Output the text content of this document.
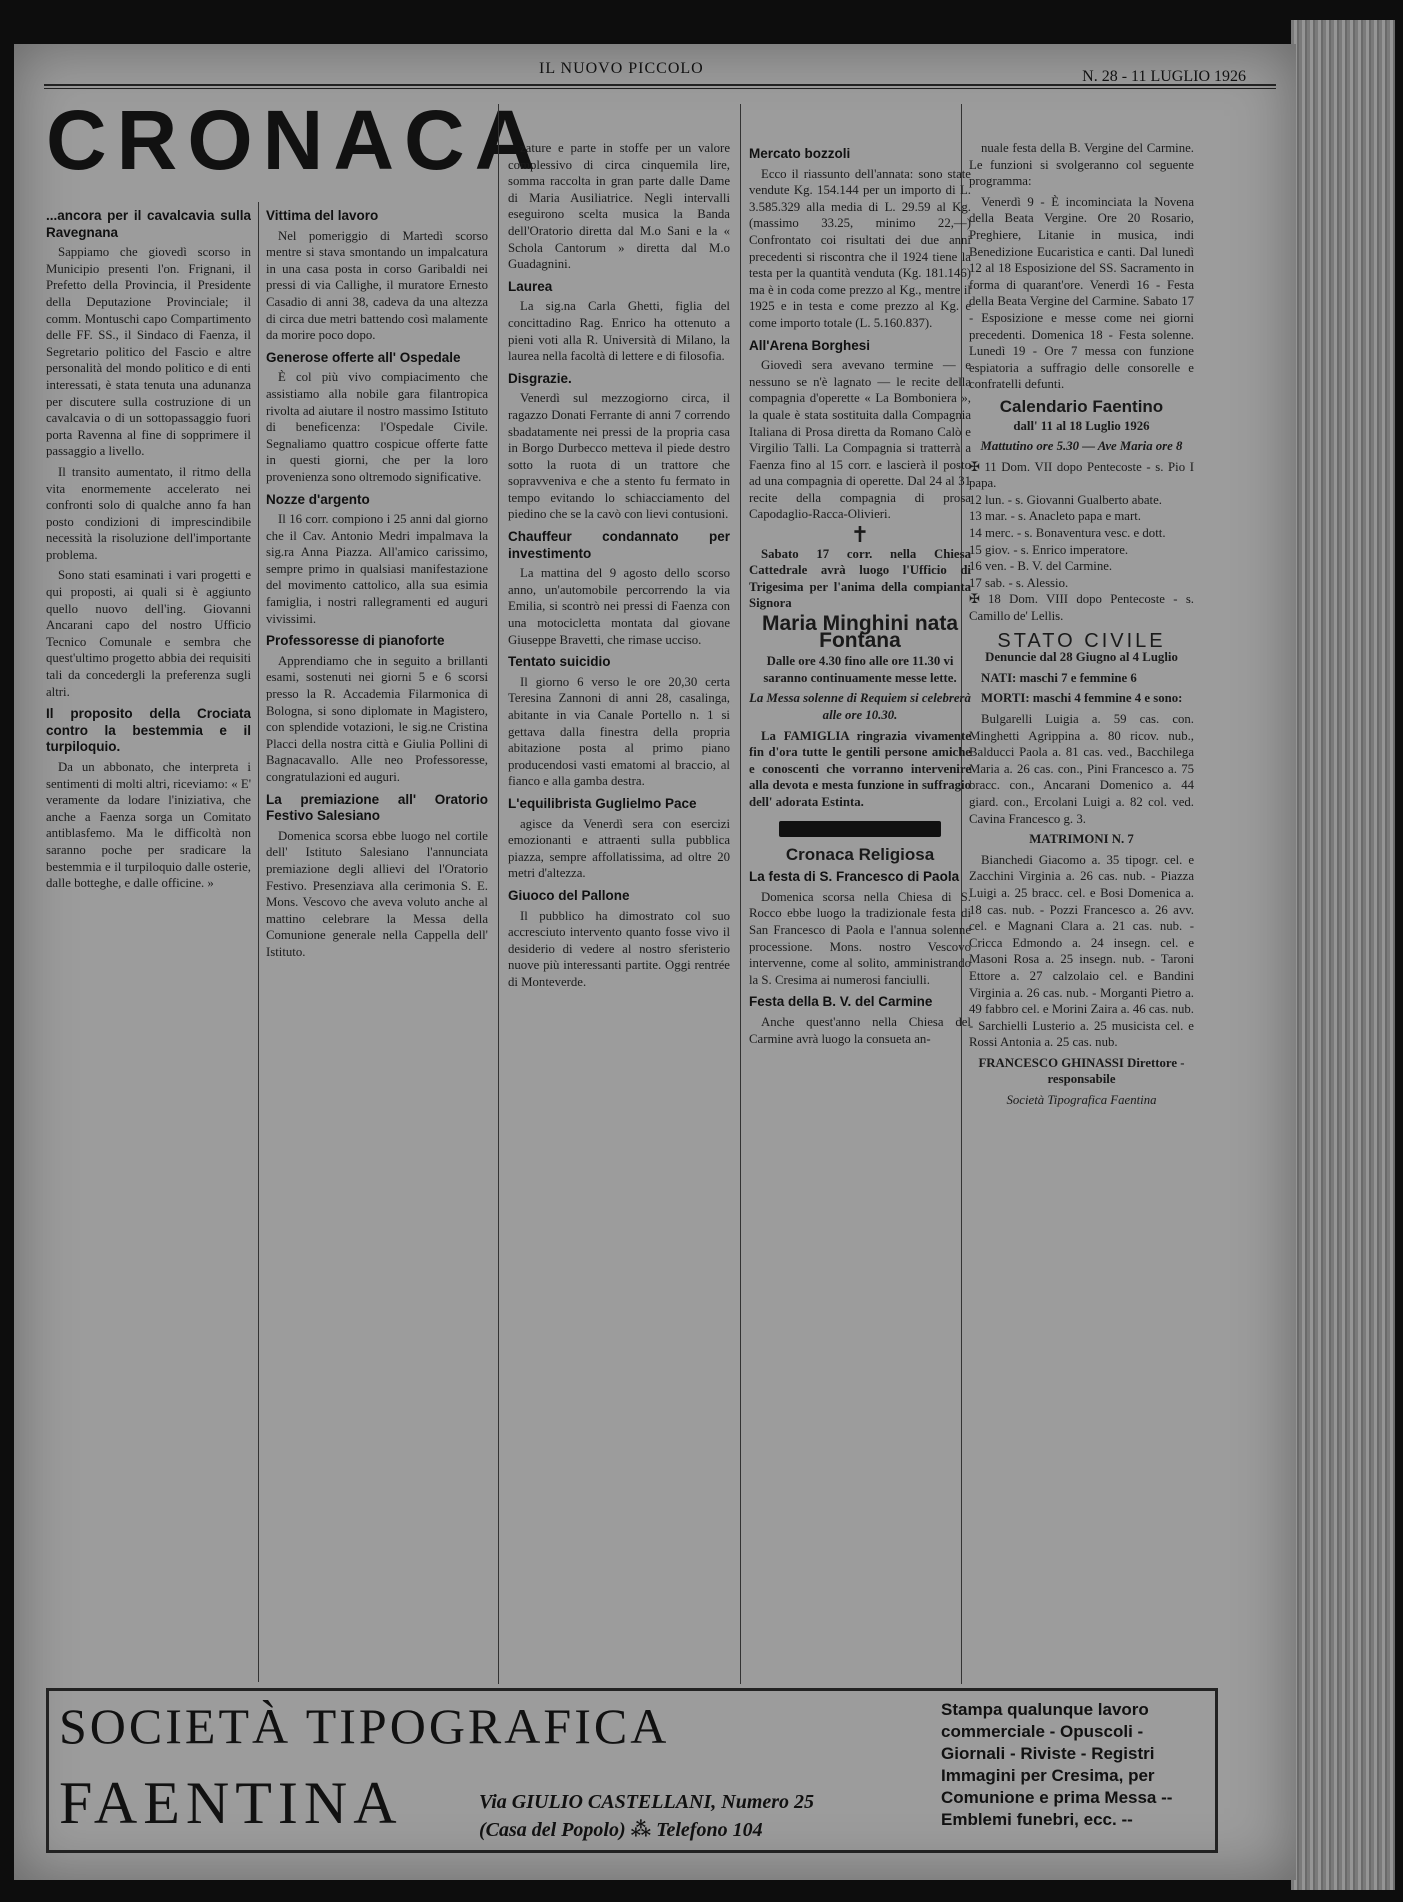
IL NUOVO PICCOLO	N. 28 - 11 LUGLIO 1926
CRONACA
...ancora per il cavalcavia sulla Ravegnana

Sappiamo che giovedì scorso in Municipio presenti l'on. Frignani, il Prefetto della Provincia, il Presidente della Deputazione Provinciale; il comm. Montuschi capo Compartimento delle FF. SS., il Sindaco di Faenza, il Segretario politico del Fascio e altre personalità del mondo politico e di enti interessati, è stata tenuta una adunanza per discutere sulla costruzione di un cavalcavia o di un sottopassaggio fuori porta Ravenna al fine di sopprimere il passaggio a livello.

Il transito aumentato, il ritmo della vita enormemente accelerato nei confronti solo di qualche anno fa han posto condizioni di imprescindibile necessità la risoluzione dell'importante problema.

Sono stati esaminati i vari progetti e qui proposti, ai quali si è aggiunto quello nuovo dell'ing. Giovanni Ancarani capo del nostro Ufficio Tecnico Comunale e sembra che quest'ultimo progetto abbia dei requisiti tali da concedergli la preferenza sugli altri.

Il proposito della Crociata contro la bestemmia e il turpiloquio.

Da un abbonato, che interpreta i sentimenti di molti altri, riceviamo: « E' veramente da lodare l'iniziativa, che anche a Faenza sorga un Comitato antiblasfemo. Ma le difficoltà non saranno poche per sradicare la bestemmia e il turpiloquio dalle osterie, dalle botteghe, e dalle officine. »

Vittima del lavoro

Nel pomeriggio di Martedì scorso mentre si stava smontando un impalcatura in una casa posta in corso Garibaldi nei pressi di via Callighe, il muratore Ernesto Casadio di anni 38, cadeva da una altezza di circa due metri battendo così malamente da morire poco dopo.

Generose offerte all' Ospedale

È col più vivo compiacimento che assistiamo alla nobile gara filantropica rivolta ad aiutare il nostro massimo Istituto di beneficenza: l'Ospedale Civile. Segnaliamo quattro cospicue offerte fatte in questi giorni, che per la loro provenienza sono oltremodo significative.

Nozze d'argento

Il 16 corr. compiono i 25 anni dal giorno che il Cav. Antonio Medri impalmava la sig.ra Anna Piazza. All'amico carissimo, sempre primo in qualsiasi manifestazione del movimento cattolico, alla sua esimia famiglia, i nostri rallegramenti ed auguri vivissimi.

Professoresse di pianoforte

Apprendiamo che in seguito a brillanti esami, sostenuti nei giorni 5 e 6 scorsi presso la R. Accademia Filarmonica di Bologna, si sono diplomate in Magistero, con splendide votazioni, le sig.ne Cristina Placci della nostra città e Giulia Pollini di Bagnacavallo. Alle neo Professoresse, congratulazioni ed auguri.

La premiazione all' Oratorio Festivo Salesiano

Domenica scorsa ebbe luogo nel cortile dell' Istituto Salesiano l'annunciata premiazione degli allievi del l'Oratorio Festivo. Presenziava alla cerimonia S. E. Mons. Vescovo che aveva voluto anche al mattino celebrare la Messa della Comunione generale nella Cappella dell' Istituto.

zature e parte in stoffe per un valore complessivo di circa cinquemila lire, somma raccolta in gran parte dalle Dame di Maria Ausiliatrice. Negli intervalli eseguirono scelta musica la Banda dell'Oratorio diretta dal M.o Sani e la « Schola Cantorum » diretta dal M.o Guadagnini.

Laurea

La sig.na Carla Ghetti, figlia del concittadino Rag. Enrico ha ottenuto a pieni voti alla R. Università di Milano, la laurea nella facoltà di lettere e di filosofia.

Disgrazie.

Venerdì sul mezzogiorno circa, il ragazzo Donati Ferrante di anni 7 correndo sbadatamente nei pressi de la propria casa in Borgo Durbecco metteva il piede destro sotto la ruota di un trattore che sopravveniva e che a stento fu fermato in tempo evitando lo schiacciamento del piedino che se la cavò con lievi contusioni.

Chauffeur condannato per investimento

La mattina del 9 agosto dello scorso anno, un'automobile percorrendo la via Emilia, si scontrò nei pressi di Faenza con una motocicletta montata dal giovane Giuseppe Bravetti, che rimase ucciso.

Tentato suicidio

Il giorno 6 verso le ore 20,30 certa Teresina Zannoni di anni 28, casalinga, abitante in via Canale Portello n. 1 si gettava dalla finestra della propria abitazione posta al primo piano producendosi vasti ematomi al braccio, al fianco e alla gamba destra.

L'equilibrista Guglielmo Pace

agisce da Venerdì sera con esercizi emozionanti e attraenti sulla pubblica piazza, sempre affollatissima, ad oltre 20 metri d'altezza.

Giuoco del Pallone

Il pubblico ha dimostrato col suo accresciuto intervento quanto fosse vivo il desiderio di vedere al nostro sferisterio nuove più interessanti partite. Oggi rentrée di Monteverde.

Mercato bozzoli

Ecco il riassunto dell'annata: sono state vendute Kg. 154.144 per un importo di L. 3.585.329 alla media di L. 29.59 al Kg. (massimo 33.25, minimo 22,—) Confrontato coi risultati dei due anni precedenti si riscontra che il 1924 tiene la testa per la quantità venduta (Kg. 181.146) ma è in coda come prezzo al Kg., mentre il 1925 e in testa e come prezzo al Kg. e come importo totale (L. 5.160.837).

All'Arena Borghesi

Giovedì sera avevano termine — e nessuno se n'è lagnato — le recite della compagnia d'operette « La Bomboniera », la quale è stata sostituita dalla Compagnia Italiana di Prosa diretta da Romano Calò e Virgilio Talli. La Compagnia si tratterrà a Faenza fino al 15 corr. e lascierà il posto ad una compagnia di operette. Dal 24 al 31 recite della compagnia di prosa Capodaglio-Racca-Olivieri.

✝

Sabato 17 corr. nella Chiesa Cattedrale avrà luogo l'Ufficio di Trigesima per l'anima della compianta Signora

Maria Minghini nata Fontana

Dalle ore 4.30 fino alle ore 11.30 vi saranno continuamente messe lette.

La Messa solenne di Requiem si celebrerà alle ore 10.30.

La FAMIGLIA ringrazia vivamente fin d'ora tutte le gentili persone amiche e conoscenti che vorranno intervenire alla devota e mesta funzione in suffragio dell' adorata Estinta.

Cronaca Religiosa
La festa di S. Francesco di Paola

Domenica scorsa nella Chiesa di S. Rocco ebbe luogo la tradizionale festa di San Francesco di Paola e l'annua solenne processione. Mons. nostro Vescovo intervenne, come al solito, amministrando la S. Cresima ai numerosi fanciulli.

Festa della B. V. del Carmine

Anche quest'anno nella Chiesa del Carmine avrà luogo la consueta an-

nuale festa della B. Vergine del Carmine. Le funzioni si svolgeranno col seguente programma:

Venerdì 9 - È incominciata la Novena della Beata Vergine. Ore 20 Rosario, Preghiere, Litanie in musica, indi Benedizione Eucaristica e canti. Dal lunedì 12 al 18 Esposizione del SS. Sacramento in forma di quarant'ore. Venerdì 16 - Festa della Beata Vergine del Carmine. Sabato 17 - Esposizione e messe come nei giorni precedenti. Domenica 18 - Festa solenne. Lunedì 19 - Ore 7 messa con funzione espiatoria a suffragio delle consorelle e confratelli defunti.

Calendario Faentino

dall' 11 al 18 Luglio 1926

Mattutino ore 5.30 — Ave Maria ore 8

✠ 11 Dom. VII dopo Pentecoste - s. Pio I papa.

12 lun. - s. Giovanni Gualberto abate.

13 mar. - s. Anacleto papa e mart.

14 merc. - s. Bonaventura vesc. e dott.

15 giov. - s. Enrico imperatore.

16 ven. - B. V. del Carmine.

17 sab. - s. Alessio.

✠ 18 Dom. VIII dopo Pentecoste - s. Camillo de' Lellis.

STATO CIVILE

Denuncie dal 28 Giugno al 4 Luglio

NATI: maschi 7 e femmine 6

MORTI: maschi 4 femmine 4 e sono:

Bulgarelli Luigia a. 59 cas. con. Minghetti Agrippina a. 80 ricov. nub., Balducci Paola a. 81 cas. ved., Bacchilega Maria a. 26 cas. con., Pini Francesco a. 75 bracc. con., Ancarani Domenico a. 44 giard. con., Ercolani Luigi a. 82 col. ved. Cavina Francesco g. 3.

MATRIMONI N. 7

Bianchedi Giacomo a. 35 tipogr. cel. e Zacchini Virginia a. 26 cas. nub. - Piazza Luigi a. 25 bracc. cel. e Bosi Domenica a. 18 cas. nub. - Pozzi Francesco a. 26 avv. cel. e Magnani Clara a. 21 cas. nub. - Cricca Edmondo a. 24 insegn. cel. e Masoni Rosa a. 25 insegn. nub. - Taroni Ettore a. 27 calzolaio cel. e Bandini Virginia a. 26 cas. nub. - Morganti Pietro a. 49 fabbro cel. e Morini Zaira a. 46 cas. nub. - Sarchielli Lusterio a. 25 musicista cel. e Rossi Antonia a. 25 cas. nub.

FRANCESCO GHINASSI Direttore - responsabile

Società Tipografica Faentina

SOCIETÀ TIPOGRAFICA
FAENTINA	Via GIULIO CASTELLANI, Numero 25
(Casa del Popolo) ⁂ Telefono 104
Stampa qualunque lavoro commerciale - Opuscoli - Giornali - Riviste - Registri Immagini per Cresima, per Comunione e prima Messa -- Emblemi funebri, ecc. --
